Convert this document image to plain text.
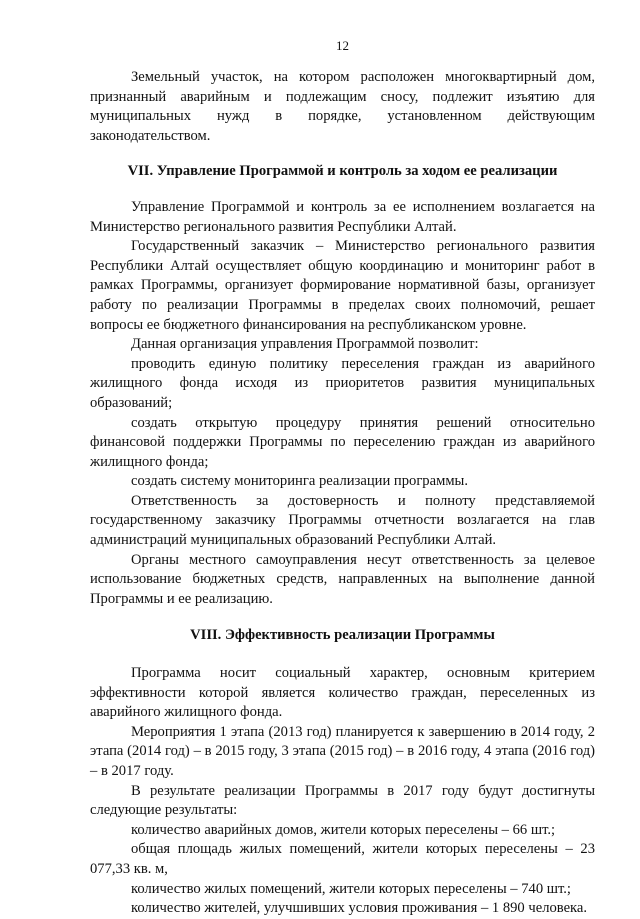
12

Земельный участок, на котором расположен многоквартирный дом, признанный аварийным и подлежащим сносу, подлежит изъятию для муниципальных нужд в порядке, установленном действующим законодательством.

VII. Управление Программой и контроль за ходом ее реализации

Управление Программой и контроль за ее исполнением возлагается на Министерство регионального развития Республики Алтай.

Государственный заказчик – Министерство регионального развития Республики Алтай осуществляет общую координацию и мониторинг работ в рамках Программы, организует формирование нормативной базы, организует работу по реализации Программы в пределах своих полномочий, решает вопросы ее бюджетного финансирования на республиканском уровне.

Данная организация управления Программой позволит:

проводить единую политику переселения граждан из аварийного жилищного фонда исходя из приоритетов развития муниципальных образований;

создать открытую процедуру принятия решений относительно финансовой поддержки Программы по переселению граждан из аварийного жилищного фонда;

создать систему мониторинга реализации программы.

Ответственность за достоверность и полноту представляемой государственному заказчику Программы отчетности возлагается на глав администраций муниципальных образований Республики Алтай.

Органы местного самоуправления несут ответственность за целевое использование бюджетных средств, направленных на выполнение данной Программы и ее реализацию.

VIII. Эффективность реализации Программы

Программа носит социальный характер, основным критерием эффективности которой является количество граждан, переселенных из аварийного жилищного фонда.

Мероприятия 1 этапа (2013 год) планируется к завершению в 2014 году, 2 этапа (2014 год) – в 2015 году, 3 этапа (2015 год) – в 2016 году, 4 этапа (2016 год) – в 2017 году.

В результате реализации Программы в 2017 году будут достигнуты следующие результаты:

количество аварийных домов, жители которых переселены – 66 шт.;

общая площадь жилых помещений, жители которых переселены – 23 077,33 кв. м,

количество жилых помещений, жители которых переселены – 740 шт.;

количество жителей, улучшивших условия проживания – 1 890 человека.
